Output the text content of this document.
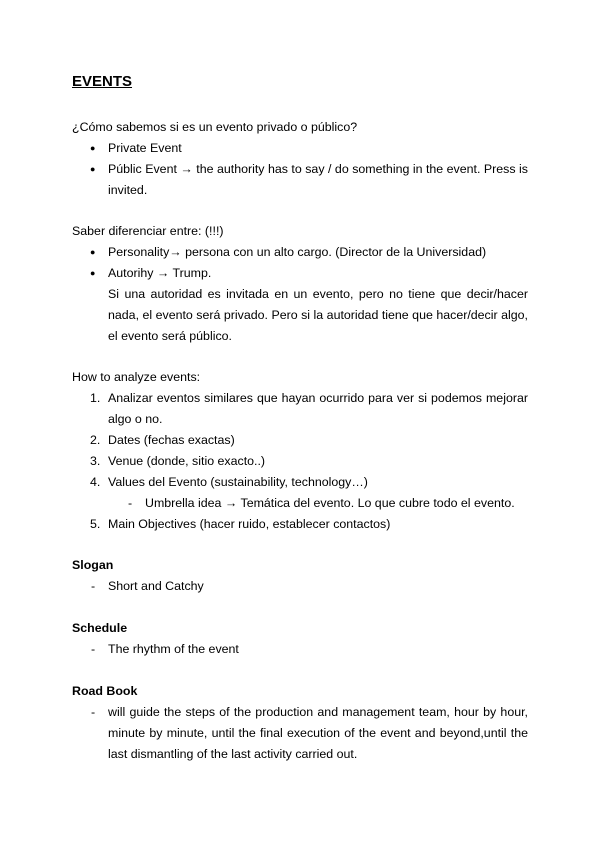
EVENTS
¿Cómo sabemos si es un evento privado o público?
● Private Event
● Públic Event → the authority has to say / do something in the event. Press is
invited.
Saber diferenciar entre: (!!!)
● Personality→ persona con un alto cargo. (Director de la Universidad)
● Autorihy → Trump.
Si una autoridad es invitada en un evento, pero no tiene que decir/hacer
nada, el evento será privado. Pero si la autoridad tiene que hacer/decir algo,
el evento será público.
How to analyze events:
1. Analizar eventos similares que hayan ocurrido para ver si podemos mejorar
algo o no.
2. Dates (fechas exactas)
3. Venue (donde, sitio exacto..)
4. Values del Evento (sustainability, technology…)
- Umbrella idea → Temática del evento. Lo que cubre todo el evento.
5. Main Objectives (hacer ruido, establecer contactos)
Slogan
- Short and Catchy
Schedule
- The rhythm of the event
Road Book
- will guide the steps of the production and management team, hour by hour,
minute by minute, until the final execution of the event and beyond,until the
last dismantling of the last activity carried out.
